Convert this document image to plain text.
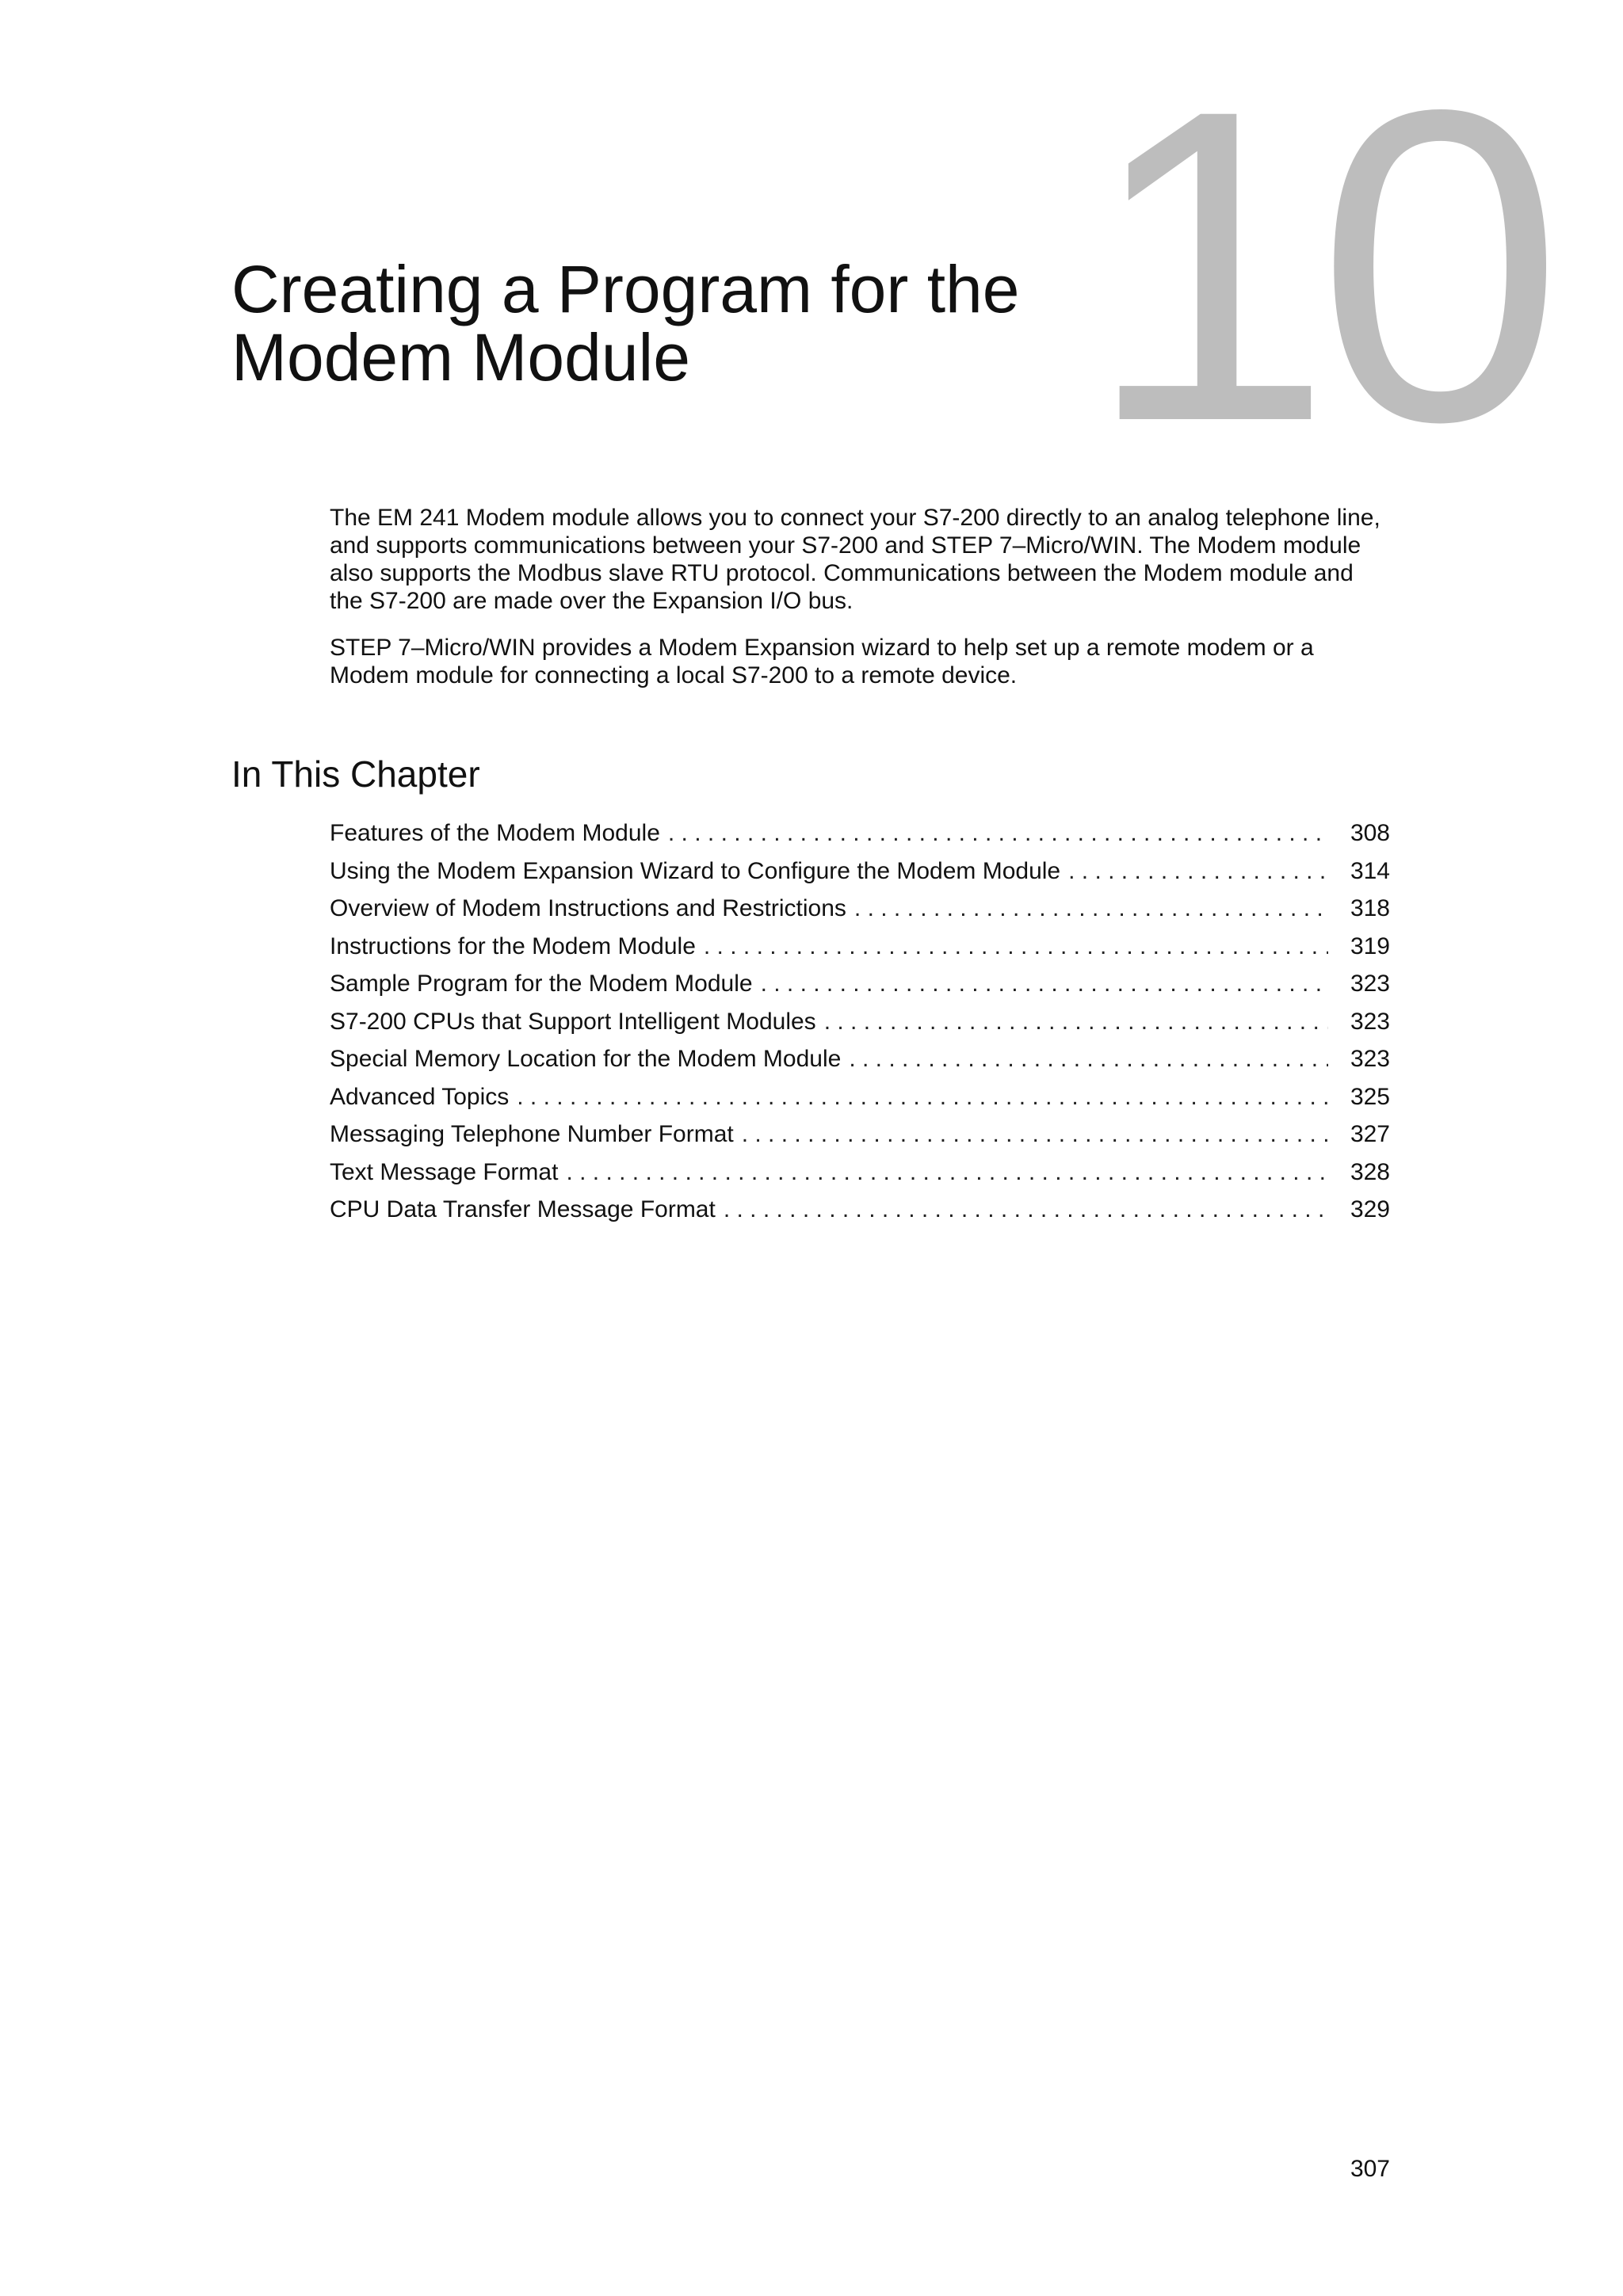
10
Creating a Program for the Modem Module

The EM 241 Modem module allows you to connect your S7-200 directly to an analog telephone line, and supports communications between your S7-200 and STEP 7–Micro/WIN. The Modem module also supports the Modbus slave RTU protocol. Communications between the Modem module and the S7-200 are made over the Expansion I/O bus.

STEP 7–Micro/WIN provides a Modem Expansion wizard to help set up a remote modem or a Modem module for connecting a local S7-200 to a remote device.

In This Chapter
Features of the Modem Module . . .	308
Using the Modem Expansion Wizard to Configure the Modem Module . . .	314
Overview of Modem Instructions and Restrictions . . .	318
Instructions for the Modem Module . . .	319
Sample Program for the Modem Module . . .	323
S7-200 CPUs that Support Intelligent Modules . . .	323
Special Memory Location for the Modem Module . . .	323
Advanced Topics . . .	325
Messaging Telephone Number Format . . .	327
Text Message Format . . .	328
CPU Data Transfer Message Format . . .	329
307
